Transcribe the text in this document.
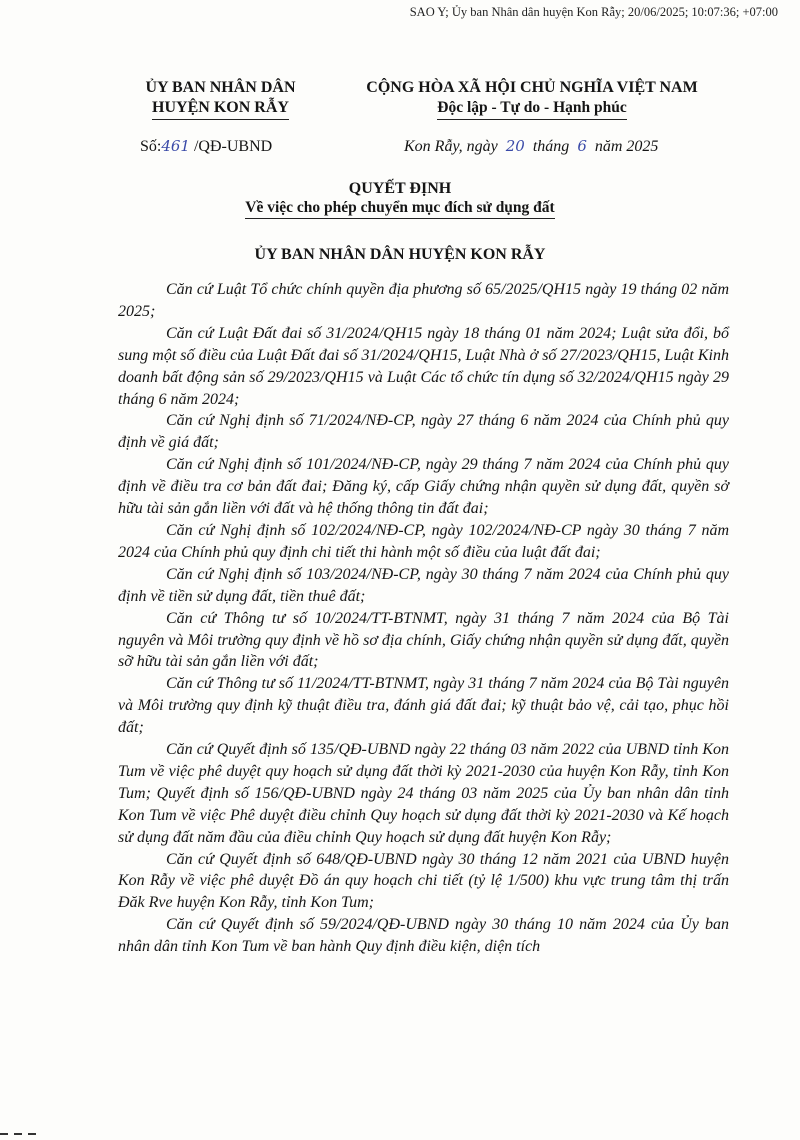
SAO Y; Ủy ban Nhân dân huyện Kon Rẫy; 20/06/2025; 10:07:36; +07:00
ỦY BAN NHÂN DÂN
HUYỆN KON RẪY
CỘNG HÒA XÃ HỘI CHỦ NGHĨA VIỆT NAM
Độc lập - Tự do - Hạnh phúc
Số:461 /QĐ-UBND	Kon Rẫy, ngày 20 tháng 6 năm 2025
QUYẾT ĐỊNH
Về việc cho phép chuyển mục đích sử dụng đất
ỦY BAN NHÂN DÂN HUYỆN KON RẪY

Căn cứ Luật Tổ chức chính quyền địa phương số 65/2025/QH15 ngày 19 tháng 02 năm 2025;

Căn cứ Luật Đất đai số 31/2024/QH15 ngày 18 tháng 01 năm 2024; Luật sửa đổi, bổ sung một số điều của Luật Đất đai số 31/2024/QH15, Luật Nhà ở số 27/2023/QH15, Luật Kinh doanh bất động sản số 29/2023/QH15 và Luật Các tổ chức tín dụng số 32/2024/QH15 ngày 29 tháng 6 năm 2024;

Căn cứ Nghị định số 71/2024/NĐ-CP, ngày 27 tháng 6 năm 2024 của Chính phủ quy định về giá đất;

Căn cứ Nghị định số 101/2024/NĐ-CP, ngày 29 tháng 7 năm 2024 của Chính phủ quy định về điều tra cơ bản đất đai; Đăng ký, cấp Giấy chứng nhận quyền sử dụng đất, quyền sở hữu tài sản gắn liền với đất và hệ thống thông tin đất đai;

Căn cứ Nghị định số 102/2024/NĐ-CP, ngày 102/2024/NĐ-CP ngày 30 tháng 7 năm 2024 của Chính phủ quy định chi tiết thi hành một số điều của luật đất đai;

Căn cứ Nghị định số 103/2024/NĐ-CP, ngày 30 tháng 7 năm 2024 của Chính phủ quy định về tiền sử dụng đất, tiền thuê đất;

Căn cứ Thông tư số 10/2024/TT-BTNMT, ngày 31 tháng 7 năm 2024 của Bộ Tài nguyên và Môi trường quy định về hồ sơ địa chính, Giấy chứng nhận quyền sử dụng đất, quyền sỡ hữu tài sản gắn liền với đất;

Căn cứ Thông tư số 11/2024/TT-BTNMT, ngày 31 tháng 7 năm 2024 của Bộ Tài nguyên và Môi trường quy định kỹ thuật điều tra, đánh giá đất đai; kỹ thuật bảo vệ, cải tạo, phục hồi đất;

Căn cứ Quyết định số 135/QĐ-UBND ngày 22 tháng 03 năm 2022 của UBND tỉnh Kon Tum về việc phê duyệt quy hoạch sử dụng đất thời kỳ 2021-2030 của huyện Kon Rẫy, tỉnh Kon Tum; Quyết định số 156/QĐ-UBND ngày 24 tháng 03 năm 2025 của Ủy ban nhân dân tỉnh Kon Tum về việc Phê duyệt điều chỉnh Quy hoạch sử dụng đất thời kỳ 2021-2030 và Kế hoạch sử dụng đất năm đầu của điều chỉnh Quy hoạch sử dụng đất huyện Kon Rẫy;

Căn cứ Quyết định số 648/QĐ-UBND ngày 30 tháng 12 năm 2021 của UBND huyện Kon Rẫy về việc phê duyệt Đồ án quy hoạch chi tiết (tỷ lệ 1/500) khu vực trung tâm thị trấn Đăk Rve huyện Kon Rẫy, tỉnh Kon Tum;

Căn cứ Quyết định số 59/2024/QĐ-UBND ngày 30 tháng 10 năm 2024 của Ủy ban nhân dân tỉnh Kon Tum về ban hành Quy định điều kiện, diện tích
